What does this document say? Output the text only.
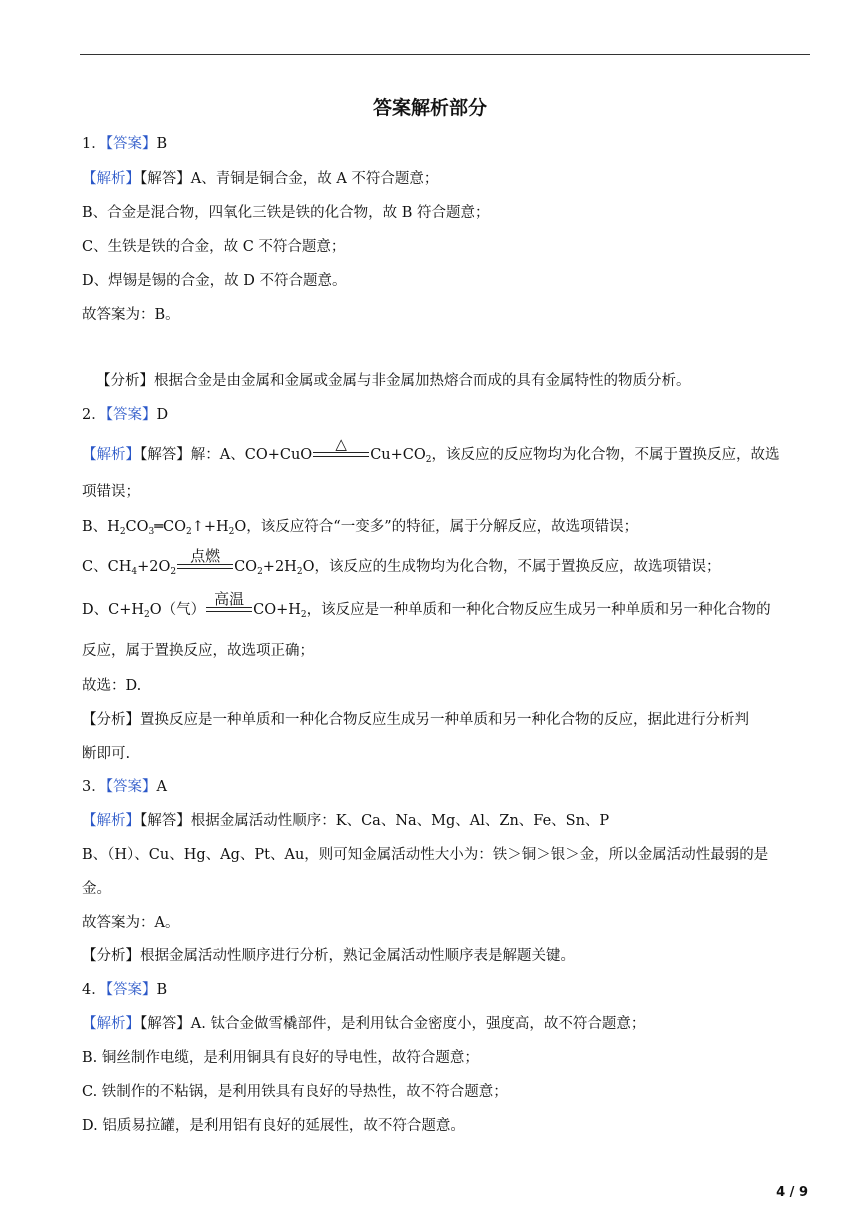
答案解析部分
1．【答案】B
【解析】【解答】A、青铜是铜合金，故 A 不符合题意；
B、合金是混合物，四氧化三铁是铁的化合物，故 B 符合题意；
C、生铁是铁的合金，故 C 不符合题意；
D、焊锡是锡的合金，故 D 不符合题意。
故答案为：B。
【分析】根据合金是由金属和金属或金属与非金属加热熔合而成的具有金属特性的物质分析。
2．【答案】D
【解析】【解答】解：A、CO+CuO
△
$Cu+CO_2$，该反应的反应物均为化合物，不属于置换反应，故选
项错误；
B、$H_2CO_3═CO_2↑+H_2O$，该反应符合“一变多”的特征，属于分解反应，故选项错误；
C、$CH_4+2O_2$
点燃
$CO_2+2H_2O$，该反应的生成物均为化合物，不属于置换反应，故选项错误；
D、$C+H_2O$（气）
高温
$CO+H_2$，该反应是一种单质和一种化合物反应生成另一种单质和另一种化合物的
反应，属于置换反应，故选项正确；
故选：D.
【分析】置换反应是一种单质和一种化合物反应生成另一种单质和另一种化合物的反应，据此进行分析判
断即可.
3．【答案】A
【解析】【解答】根据金属活动性顺序：K、Ca、Na、Mg、Al、Zn、Fe、Sn、P
B、（H）、Cu、Hg、Ag、Pt、Au，则可知金属活动性大小为：铁＞铜＞银＞金，所以金属活动性最弱的是
金。
故答案为：A。
【分析】根据金属活动性顺序进行分析，熟记金属活动性顺序表是解题关键。
4．【答案】B
【解析】【解答】A. 钛合金做雪橇部件，是利用钛合金密度小，强度高，故不符合题意；
B. 铜丝制作电缆，是利用铜具有良好的导电性，故符合题意；
C. 铁制作的不粘锅，是利用铁具有良好的导热性，故不符合题意；
D. 铝质易拉罐，是利用铝有良好的延展性，故不符合题意。
4 / 9
